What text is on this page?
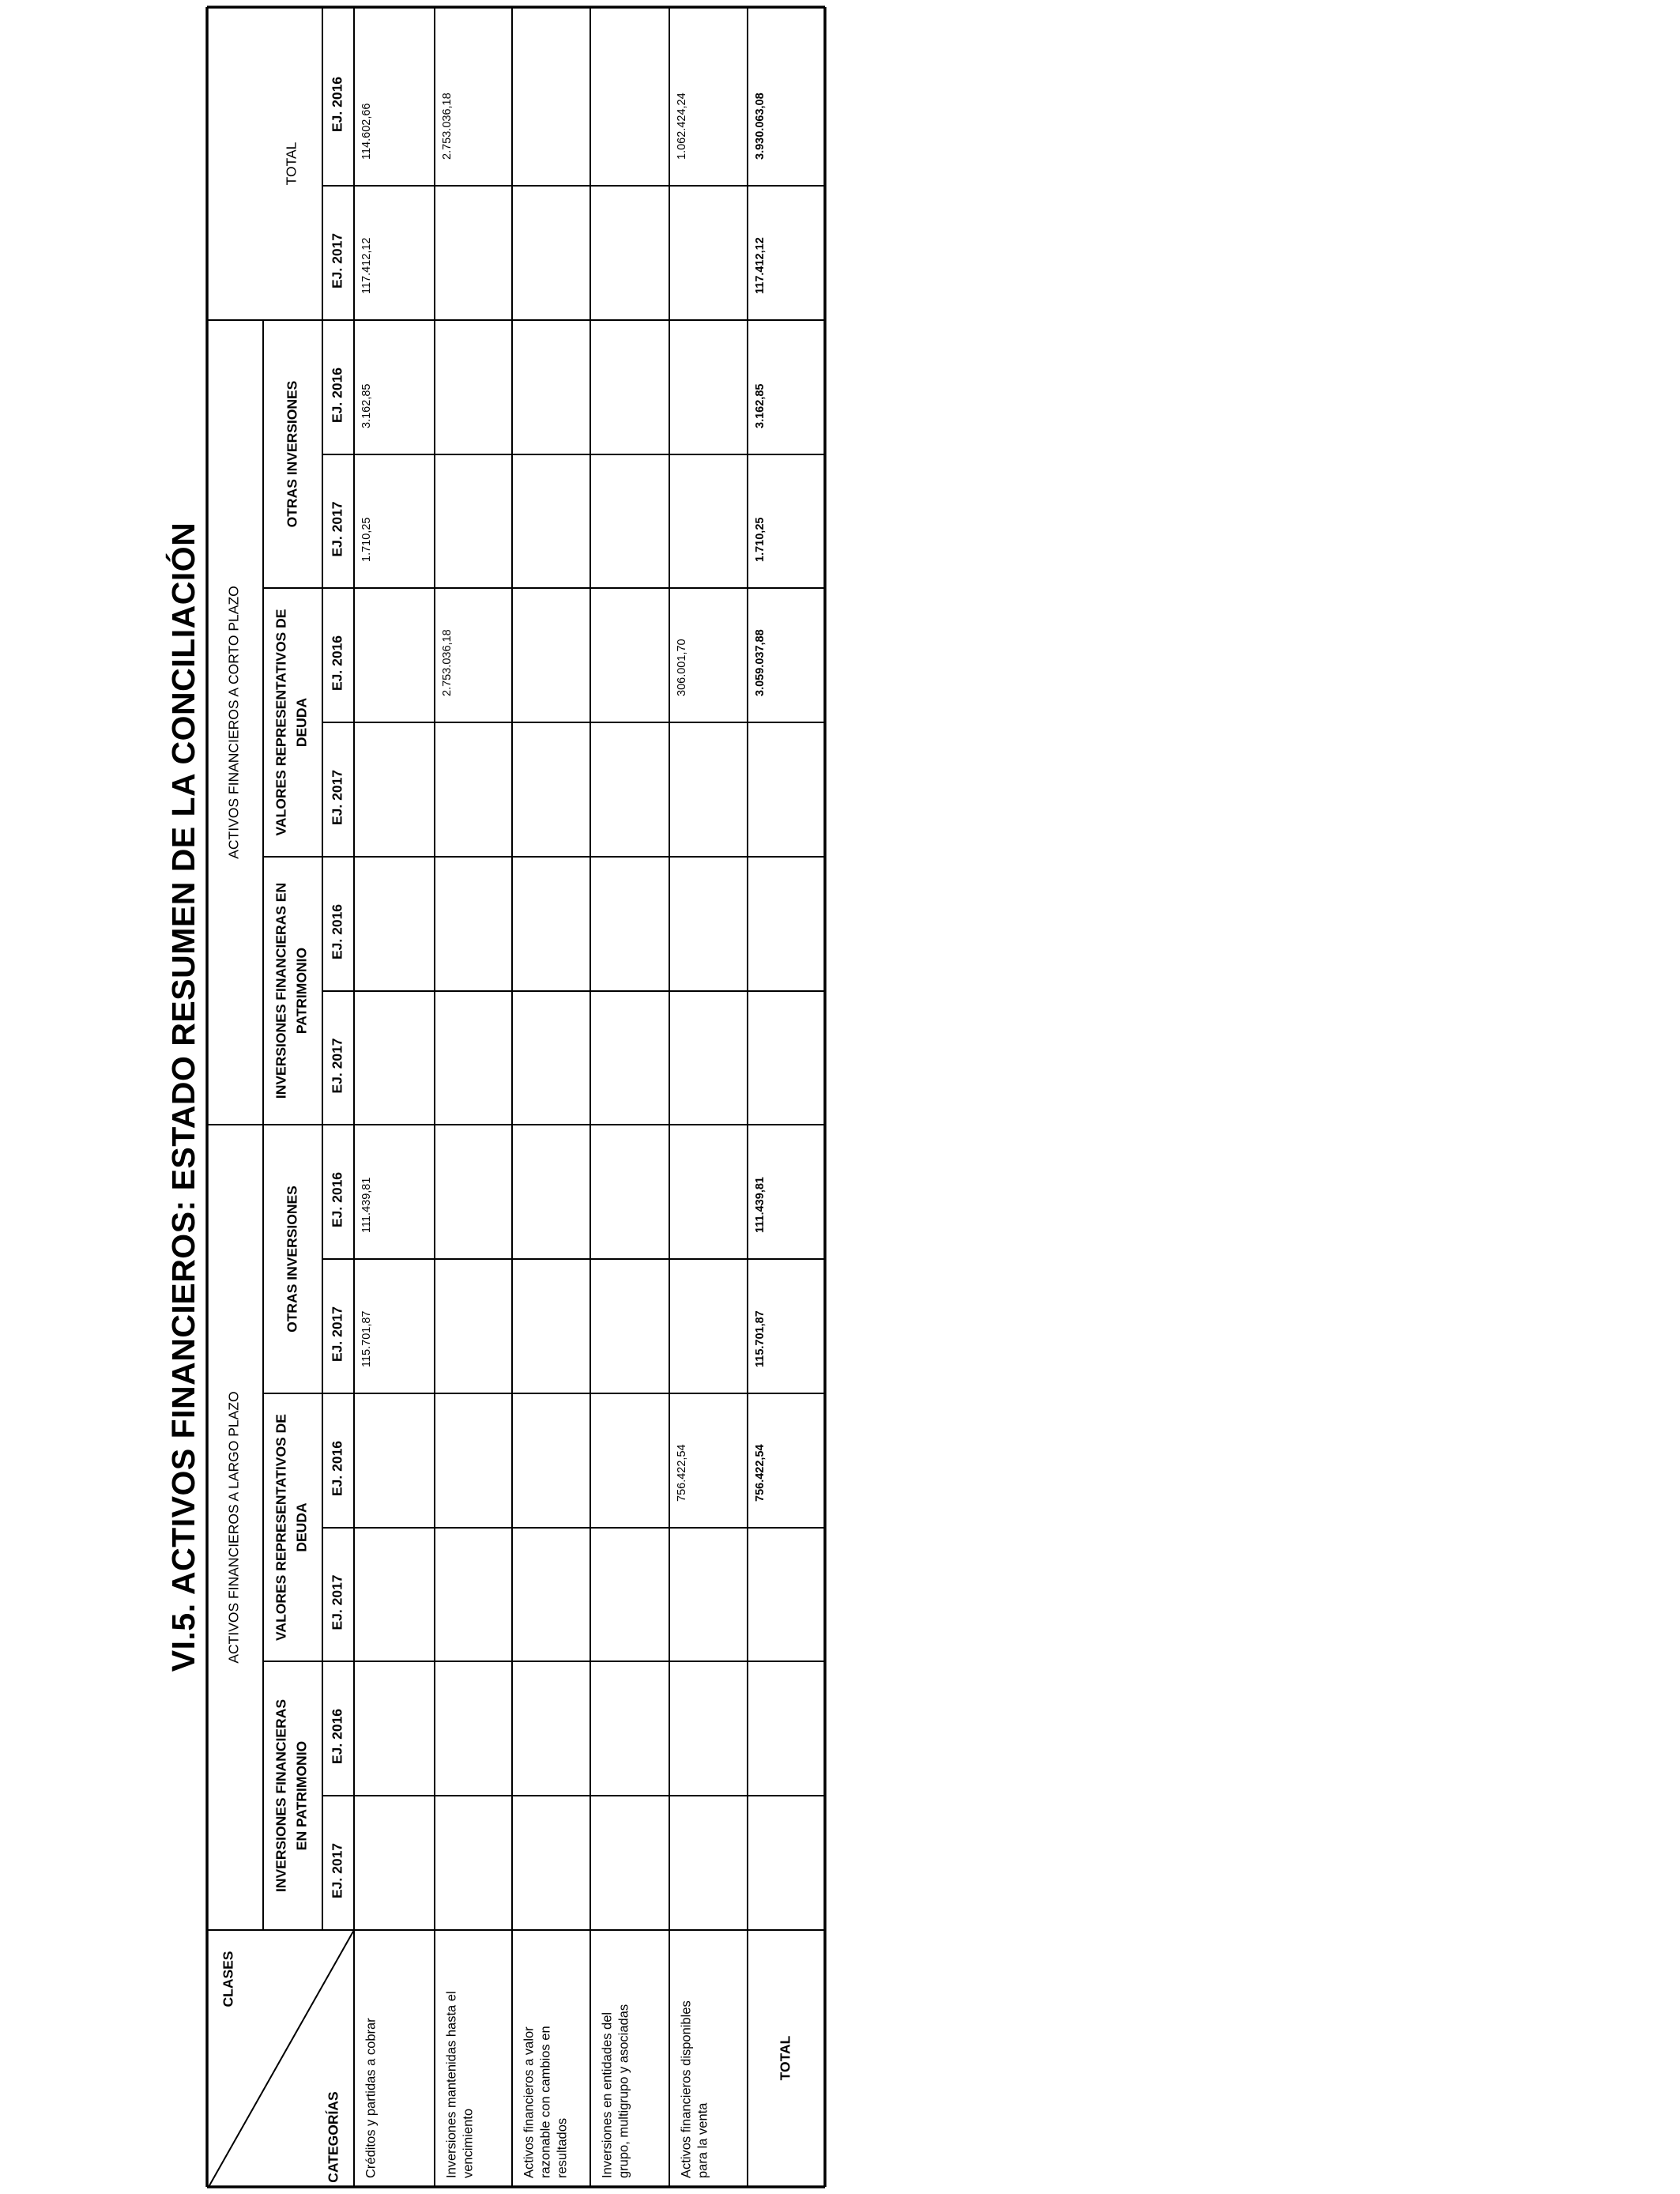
VI.5. ACTIVOS FINANCIEROS: ESTADO RESUMEN DE LA CONCILIACIÓN
CLASES
CATEGORÍAS
ACTIVOS FINANCIEROS A LARGO PLAZO
ACTIVOS FINANCIEROS A CORTO PLAZO
TOTAL
INVERSIONES FINANCIERAS EN PATRIMONIO
VALORES REPRESENTATIVOS DE DEUDA
OTRAS INVERSIONES
INVERSIONES FINANCIERAS EN PATRIMONIO
VALORES REPRESENTATIVOS DE DEUDA
OTRAS INVERSIONES
EJ. 2017
EJ. 2016
EJ. 2017
EJ. 2016
EJ. 2017
EJ. 2016
EJ. 2017
EJ. 2016
EJ. 2017
EJ. 2016
EJ. 2017
EJ. 2016
EJ. 2017
EJ. 2016
Créditos y partidas a cobrar
115.701,87
111.439,81
1.710,25
3.162,85
117.412,12
114.602,66
Inversiones mantenidas hasta el vencimiento
2.753.036,18
2.753.036,18
Activos financieros a valor razonable con cambios en resultados Inversiones en entidades del grupo, multigrupo y asociadas	Activos financieros disponibles para la venta
756.422,54
306.001,70
1.062.424,24
TOTAL
756.422,54
115.701,87
111.439,81
3.059.037,88
1.710,25
3.162,85
117.412,12
3.930.063,08
